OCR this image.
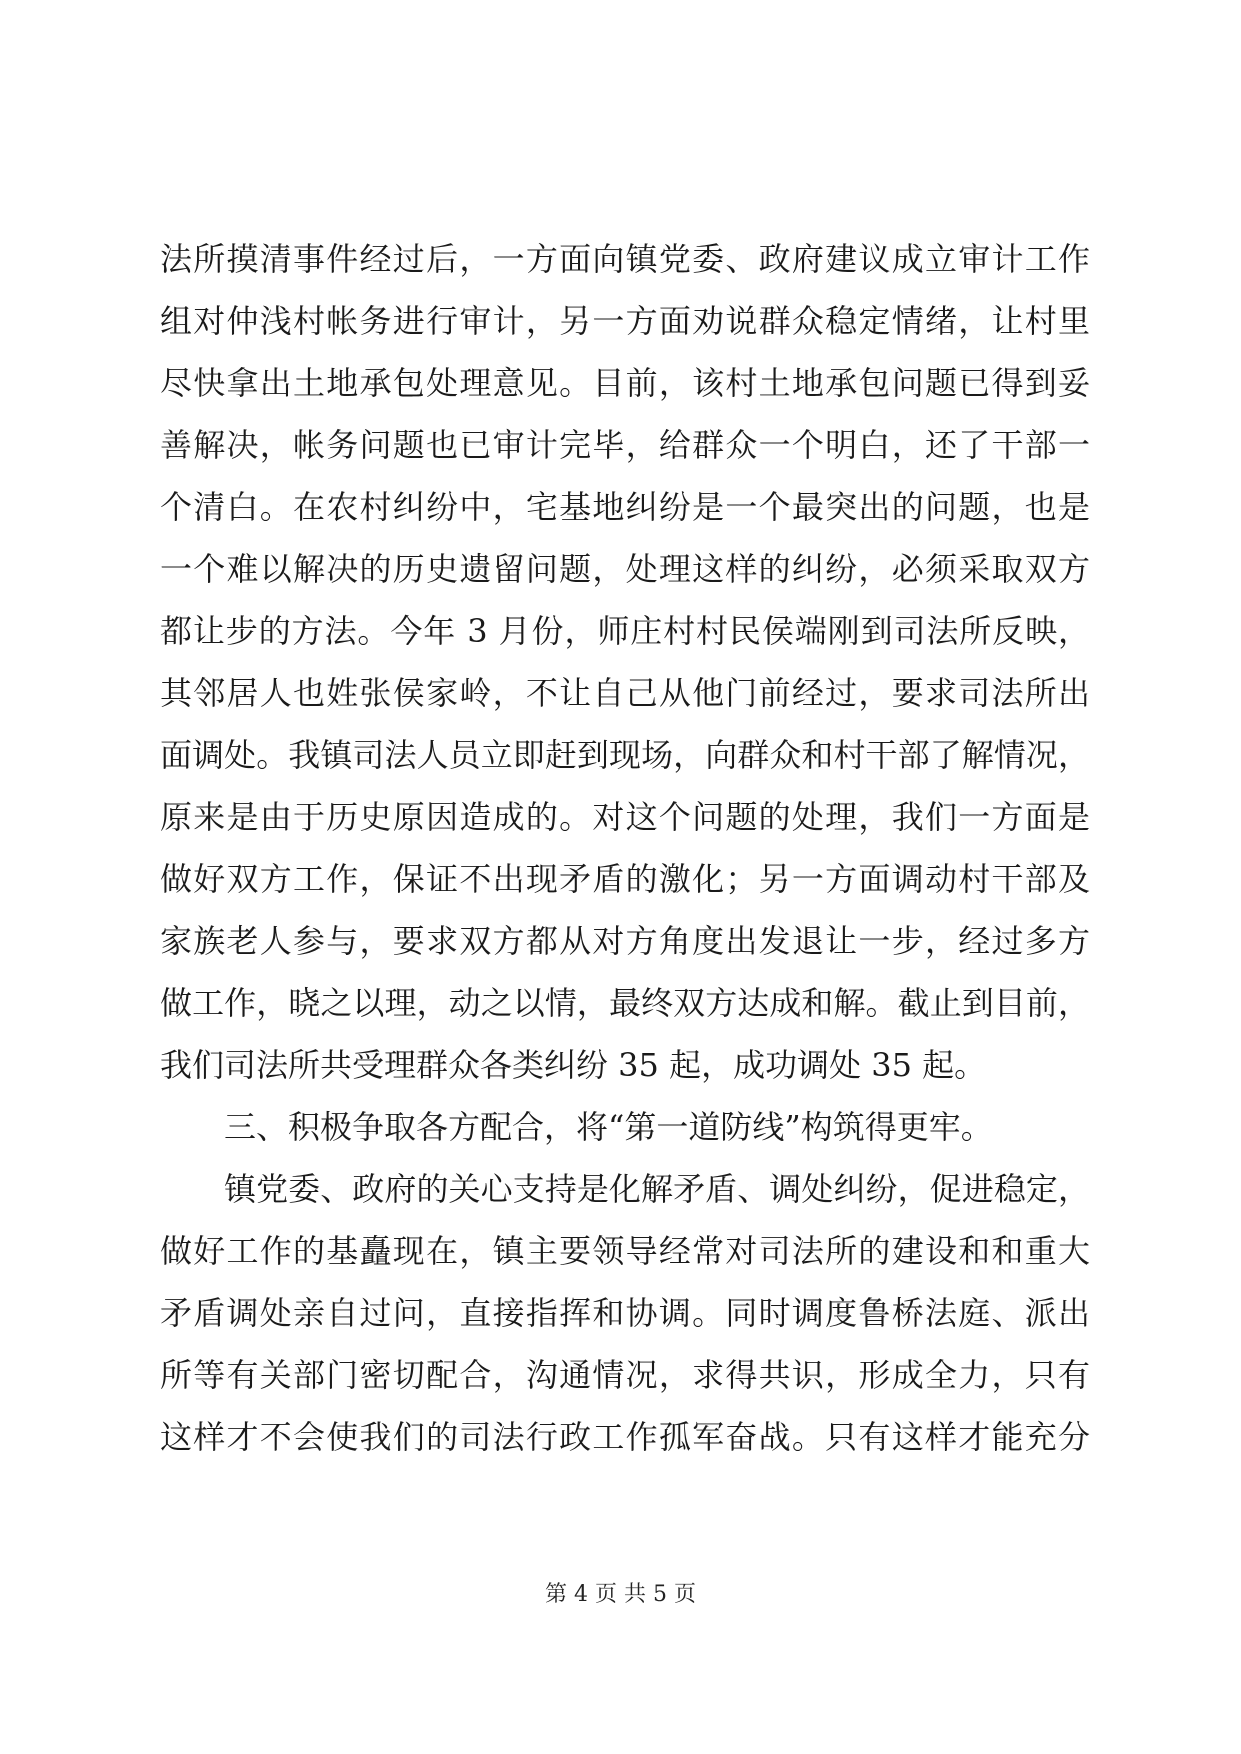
法所摸清事件经过后，一方面向镇党委、政府建议成立审计工作
组对仲浅村帐务进行审计，另一方面劝说群众稳定情绪，让村里
尽快拿出土地承包处理意见。目前，该村土地承包问题已得到妥
善解决，帐务问题也已审计完毕，给群众一个明白，还了干部一
个清白。在农村纠纷中，宅基地纠纷是一个最突出的问题，也是
一个难以解决的历史遗留问题，处理这样的纠纷，必须采取双方
都让步的方法。今年 3 月份，师庄村村民侯端刚到司法所反映，
其邻居人也姓张侯家岭，不让自己从他门前经过，要求司法所出
面调处。我镇司法人员立即赶到现场，向群众和村干部了解情况，
原来是由于历史原因造成的。对这个问题的处理，我们一方面是
做好双方工作，保证不出现矛盾的激化；另一方面调动村干部及
家族老人参与，要求双方都从对方角度出发退让一步，经过多方
做工作，晓之以理，动之以情，最终双方达成和解。截止到目前，
我们司法所共受理群众各类纠纷 35 起，成功调处 35 起。
三、积极争取各方配合，将“第一道防线”构筑得更牢。
镇党委、政府的关心支持是化解矛盾、调处纠纷，促进稳定，
做好工作的基矗现在，镇主要领导经常对司法所的建设和和重大
矛盾调处亲自过问，直接指挥和协调。同时调度鲁桥法庭、派出
所等有关部门密切配合，沟通情况，求得共识，形成全力，只有
这样才不会使我们的司法行政工作孤军奋战。只有这样才能充分
第 4 页 共 5 页
